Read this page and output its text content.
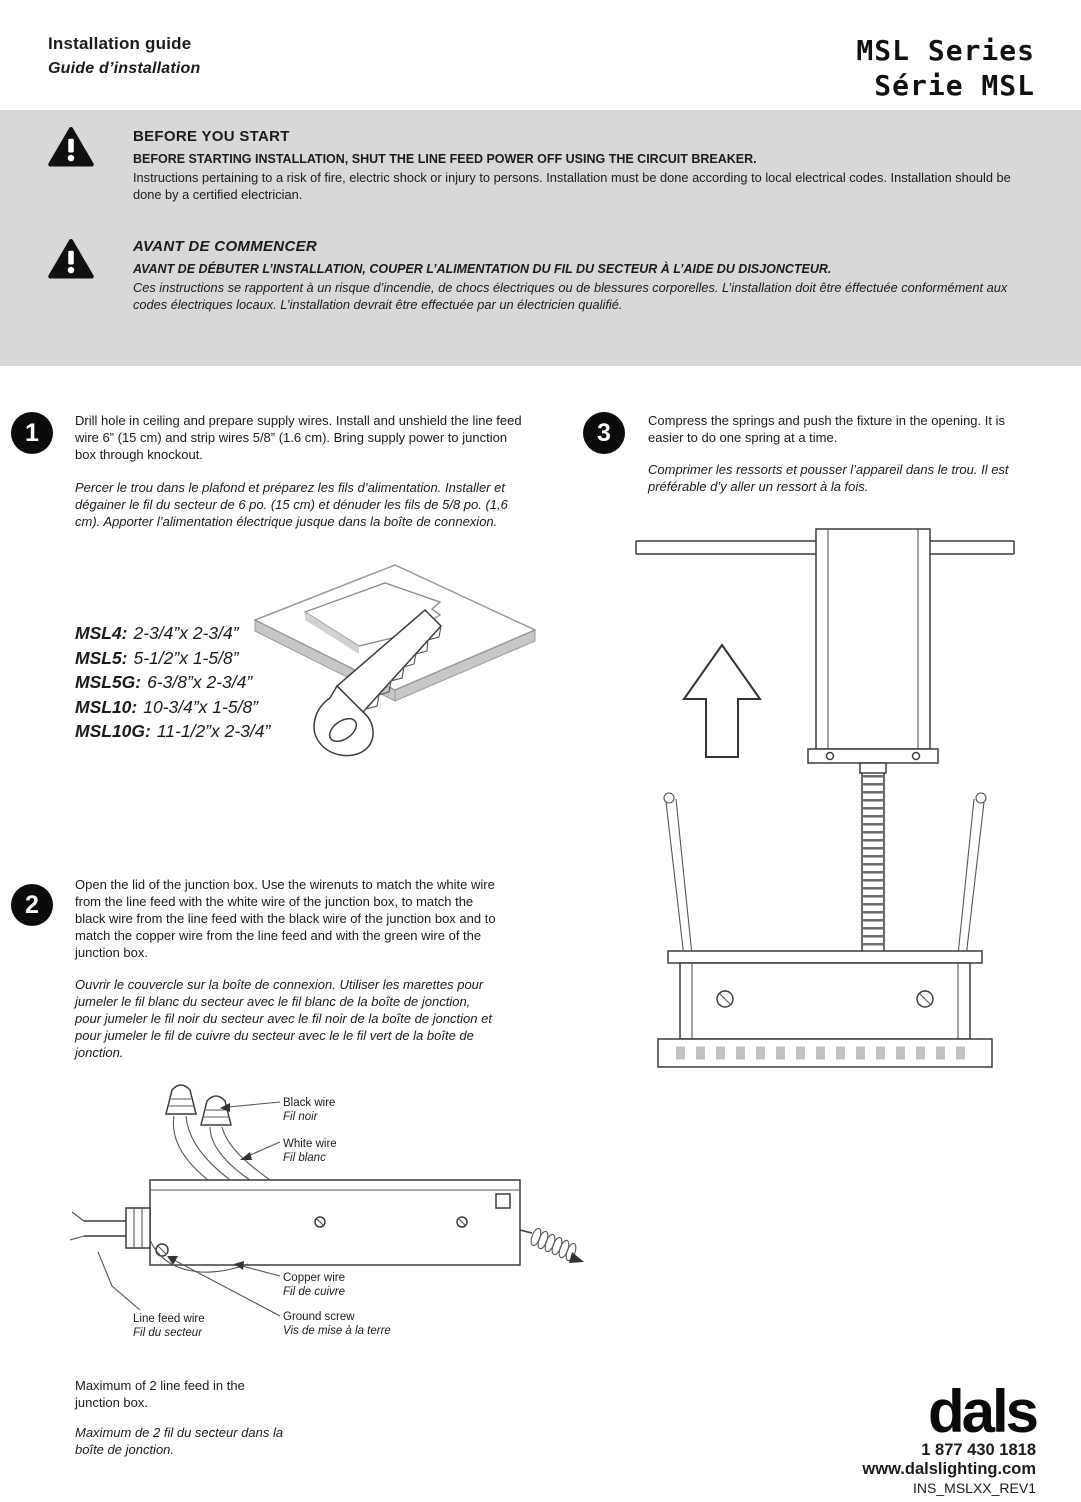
Installation guide
Guide d’installation
MSL Series
Série MSL
BEFORE YOU START
BEFORE STARTING INSTALLATION, SHUT THE LINE FEED POWER OFF USING THE CIRCUIT BREAKER.
Instructions pertaining to a risk of fire, electric shock or injury to persons. Installation must be done according to local electrical codes. Installation should be done by a certified electrician.
AVANT DE COMMENCER
AVANT DE DÉBUTER L’INSTALLATION, COUPER L’ALIMENTATION DU FIL DU SECTEUR À L’AIDE DU DISJONCTEUR.
Ces instructions se rapportent à un risque d’incendie, de chocs électriques ou de blessures corporelles. L’installation doit être éffectuée conformément aux codes électriques locaux. L’installation devrait être effectuée par un électricien qualifié.
1	Drill hole in ceiling and prepare supply wires. Install and unshield the line feed wire 6” (15 cm) and strip wires 5/8” (1.6 cm). Bring supply power to junction box through knockout.
Percer le trou dans le plafond et préparez les fils d’alimentation. Installer et dégainer le fil du secteur de 6 po. (15 cm) et dénuder les fils de 5/8 po. (1,6 cm). Apporter l’alimentation électrique jusque dans la boîte de connexion.
MSL4: 2-3/4”x 2-3/4”
MSL5: 5-1/2”x 1-5/8”
MSL5G: 6-3/8”x 2-3/4”
MSL10: 10-3/4”x 1-5/8”
MSL10G: 11-1/2”x 2-3/4”
3	Compress the springs and push the fixture in the opening. It is easier to do one spring at a time.
Comprimer les ressorts et pousser l’appareil dans le trou. Il est préférable d’y aller un ressort à la fois.
2
Open the lid of the junction box. Use the wirenuts to match the white wire from the line feed with the white wire of the junction box, to match the black wire from the line feed with the black wire of the junction box and to match the copper wire from the line feed and with the green wire of the junction box.
Ouvrir le couvercle sur la boîte de connexion. Utiliser les marettes pour jumeler le fil blanc du secteur avec le fil blanc de la boîte de jonction, pour jumeler le fil noir du secteur avec le fil noir de la boîte de jonction et pour jumeler le fil de cuivre du secteur avec le le fil vert de la boîte de jonction.
Black wire
Fil noir
White wire
Fil blanc
Copper wire
Fil de cuivre
Ground screw
Vis de mise à la terre
Line feed wire
Fil du secteur
Maximum of 2 line feed in the junction box.
Maximum de 2 fil du secteur dans la boîte de jonction.
dals
1 877 430 1818
www.dalslighting.com
INS_MSLXX_REV1
